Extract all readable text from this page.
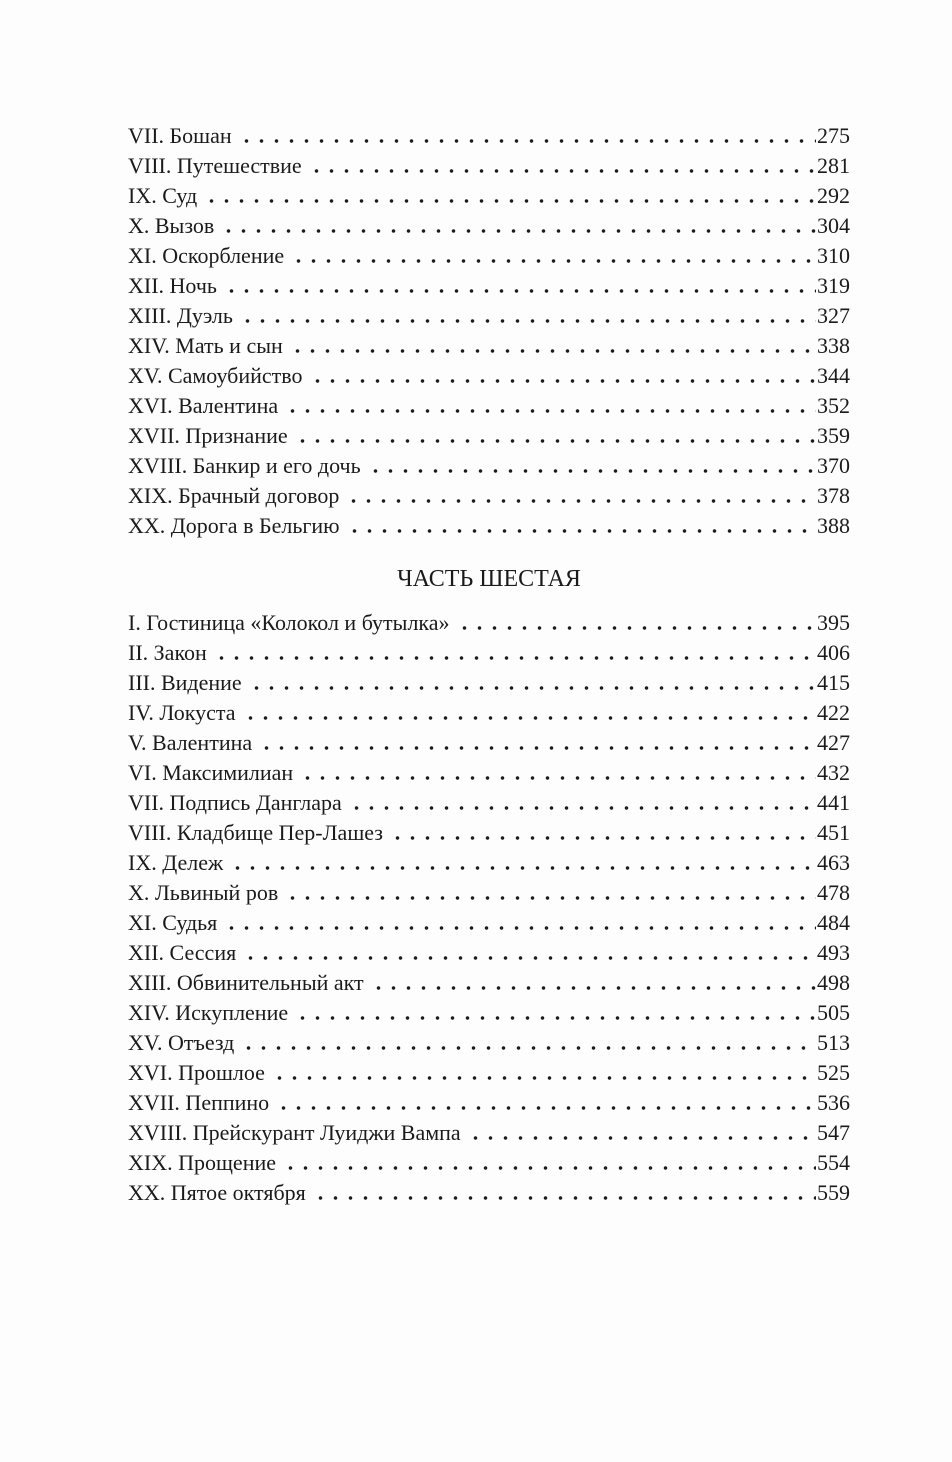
VII. Бошан	275
VIII. Путешествие	281
IX. Суд	292
X. Вызов	304
XI. Оскорбление	310
XII. Ночь	319
XIII. Дуэль	327
XIV. Мать и сын	338
XV. Самоубийство	344
XVI. Валентина	352
XVII. Признание	359
XVIII. Банкир и его дочь	370
XIX. Брачный договор	378
XX. Дорога в Бельгию	388
ЧАСТЬ ШЕСТАЯ
I. Гостиница «Колокол и бутылка»	395
II. Закон	406
III. Видение	415
IV. Локуста	422
V. Валентина	427
VI. Максимилиан	432
VII. Подпись Данглара	441
VIII. Кладбище Пер-Лашез	451
IX. Дележ	463
X. Львиный ров	478
XI. Судья	484
XII. Сессия	493
XIII. Обвинительный акт	498
XIV. Искупление	505
XV. Отъезд	513
XVI. Прошлое	525
XVII. Пеппино	536
XVIII. Прейскурант Луиджи Вампа	547
XIX. Прощение	554
XX. Пятое октября	559
